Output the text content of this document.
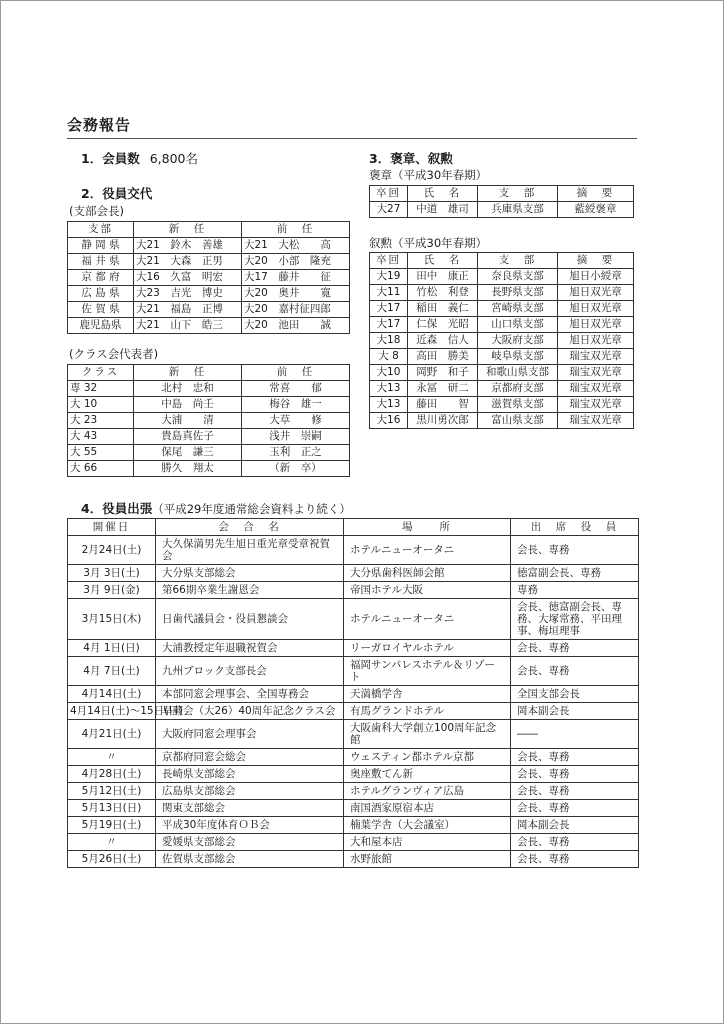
会務報告
1．会員数 6,800名
2．役員交代
(支部会長)
支部	新　任	前　任
静 岡 県	大21　鈴木　善雄	大21　大松　　高
福 井 県	大21　大森　正男	大20　小部　隆充
京 都 府	大16　久富　明宏	大17　藤井　　征
広 島 県	大23　吉光　博史	大20　奥井　　寛
佐 賀 県	大21　福島　正博	大20　嘉村征四郎
鹿児島県	大21　山下　皓三	大20　池田　　誠
(クラス会代表者)
クラス	新　任	前　任
専 32	北村　忠和	常喜　　郁
大 10	中島　尚壬	梅谷　雄一
大 23	大浦　　清	大草　　修
大 43	貴島真佐子	浅井　崇嗣
大 55	保尾　謙三	玉利　正之
大 66	勝久　翔太	（新　卒）
3．褒章、叙勲
褒章（平成30年春期）
卒回	氏　名	支　部	摘　要
大27	中道　雄司	兵庫県支部	藍綬褒章
叙勲（平成30年春期）
卒回	氏　名	支　部	摘　要
大19	田中　康正	奈良県支部	旭日小綬章
大11	竹松　利登	長野県支部	旭日双光章
大17	稲田　義仁	宮崎県支部	旭日双光章
大17	仁保　光昭	山口県支部	旭日双光章
大18	近森　信人	大阪府支部	旭日双光章
大 8	高田　勝美	岐阜県支部	瑞宝双光章
大10	岡野　和子	和歌山県支部	瑞宝双光章
大13	永冨　研二	京都府支部	瑞宝双光章
大13	藤田　　智	滋賀県支部	瑞宝双光章
大16	黒川勇次郎	富山県支部	瑞宝双光章
4．役員出張（平成29年度通常総会資料より続く）
開催日	会　合　名	場　　所	出　席　役　員
2月24日(土)	大久保満男先生旭日重光章受章祝賀会	ホテルニューオータニ	会長、専務
3月 3日(土)	大分県支部総会	大分県歯科医師会館	徳富副会長、専務
3月 9日(金)	第66期卒業生謝恩会	帝国ホテル大阪	専務
3月15日(木)	日歯代議員会・役員懇談会	ホテルニューオータニ	会長、徳富副会長、専務、大塚常務、平田理事、梅垣理事
4月 1日(日)	大浦教授定年退職祝賀会	リーガロイヤルホテル	会長、専務
4月 7日(土)	九州ブロック支部長会	福岡サンパレスホテル＆リゾート	会長、専務
4月14日(土)	本部同窓会理事会、全国専務会	天満橋学舎	全国支部会長
4月14日(土)〜15日(日)	早蕨会（大26）40周年記念クラス会	有馬グランドホテル	岡本副会長
4月21日(土)	大阪府同窓会理事会	大阪歯科大学創立100周年記念館	――
〃	京都府同窓会総会	ウェスティン都ホテル京都	会長、専務
4月28日(土)	長崎県支部総会	奥座敷てん新	会長、専務
5月12日(土)	広島県支部総会	ホテルグランヴィア広島	会長、専務
5月13日(日)	関東支部総会	南国酒家原宿本店	会長、専務
5月19日(土)	平成30年度体育ＯＢ会	楠葉学舎（大会議室）	岡本副会長
〃	愛媛県支部総会	大和屋本店	会長、専務
5月26日(土)	佐賀県支部総会	水野旅館	会長、専務
